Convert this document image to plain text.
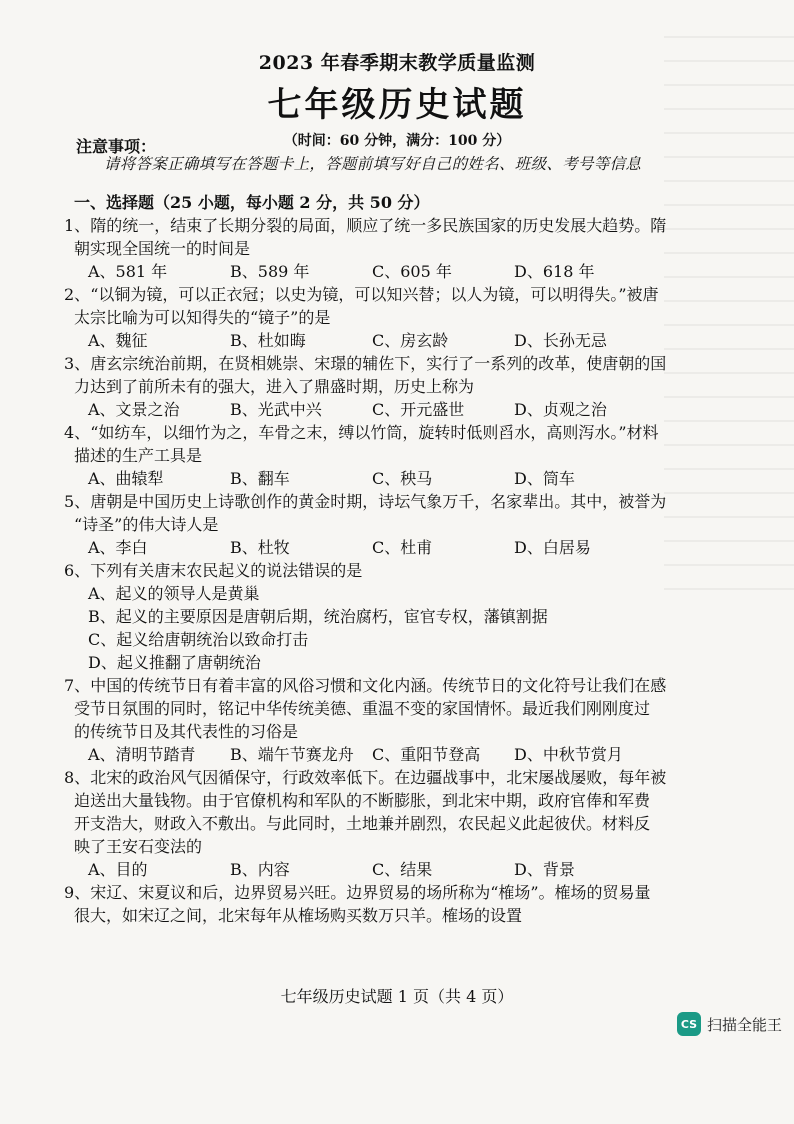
2023 年春季期末教学质量监测
七年级历史试题
（时间：60 分钟，满分：100 分）
注意事项：
请将答案正确填写在答题卡上，答题前填写好自己的姓名、班级、考号等信息
一、选择题（25 小题，每小题 2 分，共 50 分）
1、隋的统一，结束了长期分裂的局面，顺应了统一多民族国家的历史发展大趋势。隋
朝实现全国统一的时间是
A、581 年	B、589 年	C、605 年	D、618 年
2、“以铜为镜，可以正衣冠；以史为镜，可以知兴替；以人为镜，可以明得失。”被唐
太宗比喻为可以知得失的“镜子”的是
A、魏征	B、杜如晦	C、房玄龄	D、长孙无忌
3、唐玄宗统治前期，在贤相姚崇、宋璟的辅佐下，实行了一系列的改革，使唐朝的国
力达到了前所未有的强大，进入了鼎盛时期，历史上称为
A、文景之治	B、光武中兴	C、开元盛世	D、贞观之治
4、“如纺车，以细竹为之，车骨之末，缚以竹筒，旋转时低则舀水，高则泻水。”材料
描述的生产工具是
A、曲辕犁	B、翻车	C、秧马	D、筒车
5、唐朝是中国历史上诗歌创作的黄金时期，诗坛气象万千，名家辈出。其中，被誉为
“诗圣”的伟大诗人是
A、李白	B、杜牧	C、杜甫	D、白居易
6、下列有关唐末农民起义的说法错误的是
A、起义的领导人是黄巢
B、起义的主要原因是唐朝后期，统治腐朽，宦官专权，藩镇割据
C、起义给唐朝统治以致命打击
D、起义推翻了唐朝统治
7、中国的传统节日有着丰富的风俗习惯和文化内涵。传统节日的文化符号让我们在感
受节日氛围的同时，铭记中华传统美德、重温不变的家国情怀。最近我们刚刚度过
的传统节日及其代表性的习俗是
A、清明节踏青	B、端午节赛龙舟	C、重阳节登高	D、中秋节赏月
8、北宋的政治风气因循保守，行政效率低下。在边疆战事中，北宋屡战屡败，每年被
迫送出大量钱物。由于官僚机构和军队的不断膨胀，到北宋中期，政府官俸和军费
开支浩大，财政入不敷出。与此同时，土地兼并剧烈，农民起义此起彼伏。材料反
映了王安石变法的
A、目的	B、内容	C、结果	D、背景
9、宋辽、宋夏议和后，边界贸易兴旺。边界贸易的场所称为“榷场”。榷场的贸易量
很大，如宋辽之间，北宋每年从榷场购买数万只羊。榷场的设置
七年级历史试题 1 页（共 4 页）
CS 扫描全能王
